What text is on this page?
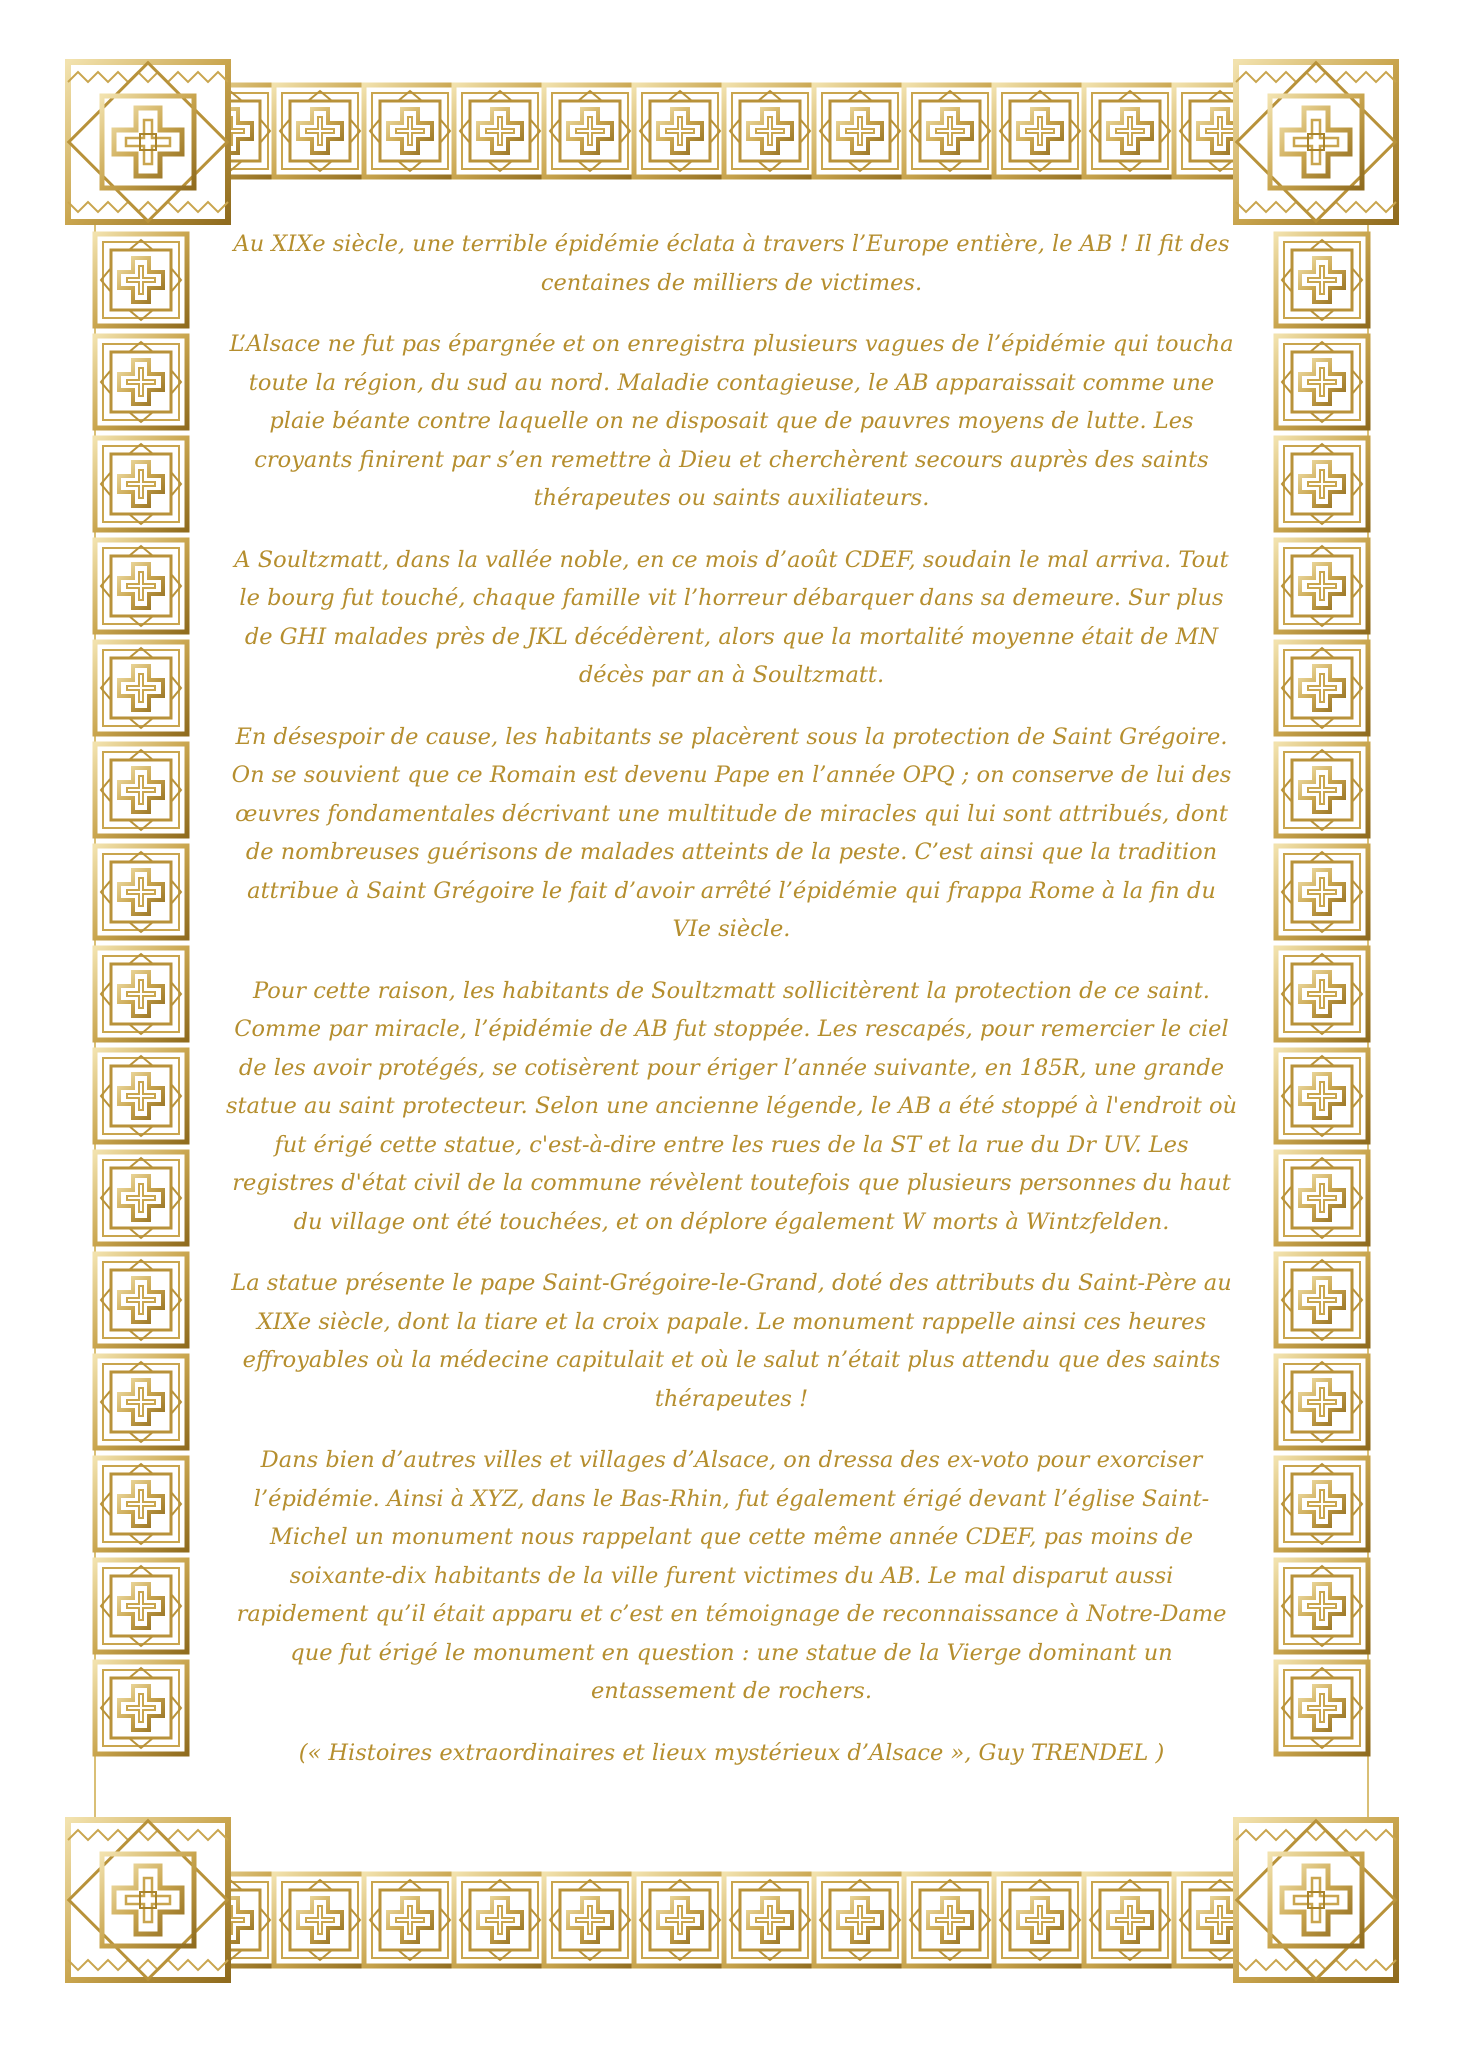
Au XIXe siècle, une terrible épidémie éclata à travers l’Europe entière, le AB ! Il fit des centaines de milliers de victimes.

L’Alsace ne fut pas épargnée et on enregistra plusieurs vagues de l’épidémie qui toucha toute la région, du sud au nord. Maladie contagieuse, le AB apparaissait comme une plaie béante contre laquelle on ne disposait que de pauvres moyens de lutte. Les croyants finirent par s’en remettre à Dieu et cherchèrent secours auprès des saints thérapeutes ou saints auxiliateurs.

A Soultzmatt, dans la vallée noble, en ce mois d’août CDEF, soudain le mal arriva. Tout le bourg fut touché, chaque famille vit l’horreur débarquer dans sa demeure. Sur plus de GHI malades près de JKL décédèrent, alors que la mortalité moyenne était de MN décès par an à Soultzmatt.

En désespoir de cause, les habitants se placèrent sous la protection de Saint Grégoire. On se souvient que ce Romain est devenu Pape en l’année OPQ ; on conserve de lui des œuvres fondamentales décrivant une multitude de miracles qui lui sont attribués, dont de nombreuses guérisons de malades atteints de la peste. C’est ainsi que la tradition attribue à Saint Grégoire le fait d’avoir arrêté l’épidémie qui frappa Rome à la fin du VIe siècle.

Pour cette raison, les habitants de Soultzmatt sollicitèrent la protection de ce saint. Comme par miracle, l’épidémie de AB fut stoppée. Les rescapés, pour remercier le ciel de les avoir protégés, se cotisèrent pour ériger l’année suivante, en 185R, une grande statue au saint protecteur. Selon une ancienne légende, le AB a été stoppé à l'endroit où fut érigé cette statue, c'est-à-dire entre les rues de la ST et la rue du Dr UV. Les registres d'état civil de la commune révèlent toutefois que plusieurs personnes du haut du village ont été touchées, et on déplore également W morts à Wintzfelden.

La statue présente le pape Saint-Grégoire-le-Grand, doté des attributs du Saint-Père au XIXe siècle, dont la tiare et la croix papale. Le monument rappelle ainsi ces heures effroyables où la médecine capitulait et où le salut n’était plus attendu que des saints thérapeutes !

Dans bien d’autres villes et villages d’Alsace, on dressa des ex-voto pour exorciser l’épidémie. Ainsi à XYZ, dans le Bas-Rhin, fut également érigé devant l’église Saint-Michel un monument nous rappelant que cette même année CDEF, pas moins de soixante-dix habitants de la ville furent victimes du AB. Le mal disparut aussi rapidement qu’il était apparu et c’est en témoignage de reconnaissance à Notre-Dame que fut érigé le monument en question : une statue de la Vierge dominant un entassement de rochers.

(« Histoires extraordinaires et lieux mystérieux d’Alsace », Guy TRENDEL )
